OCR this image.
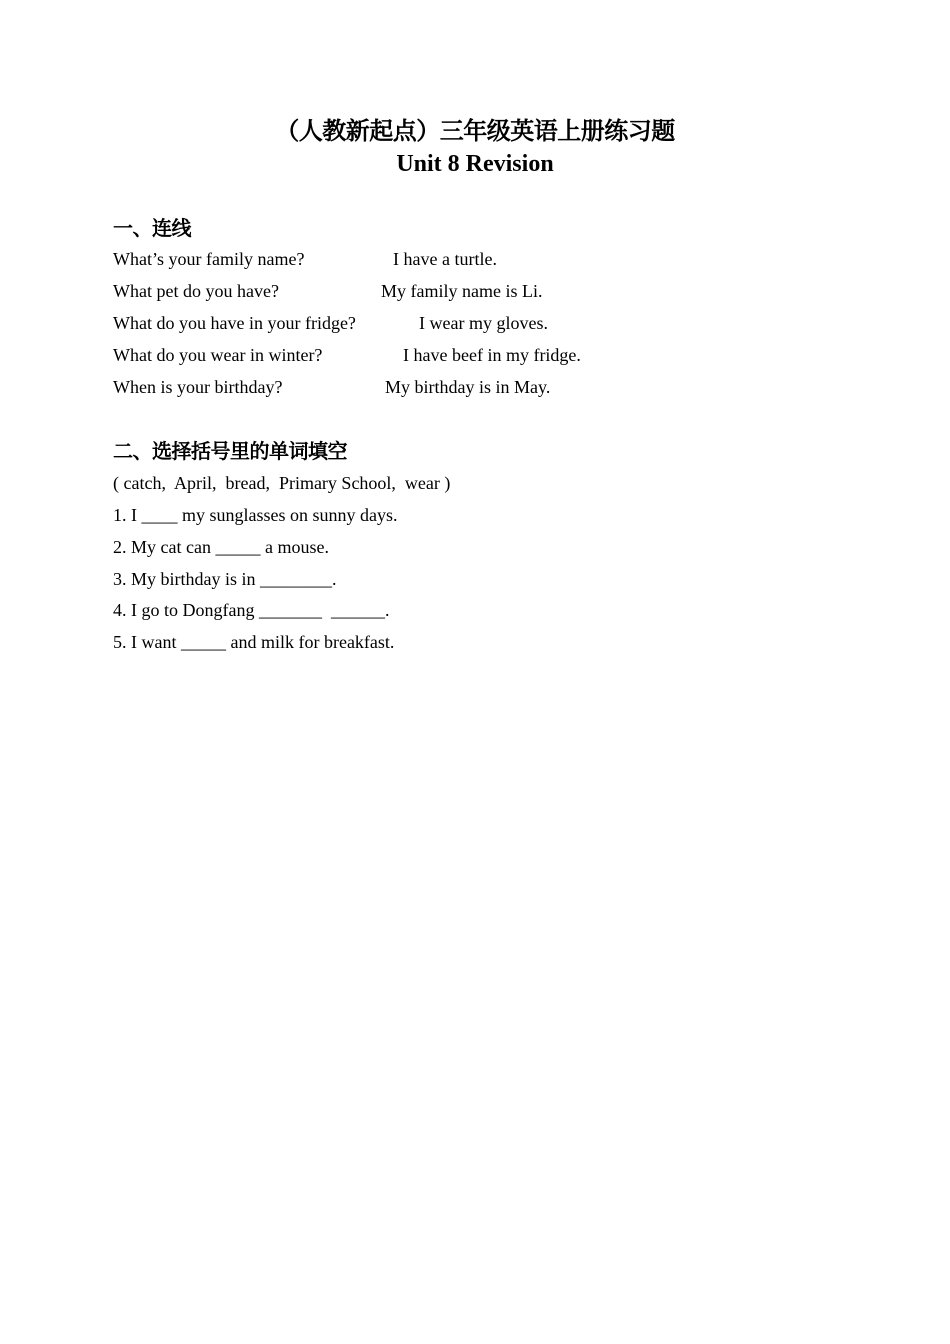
（人教新起点）三年级英语上册练习题
Unit 8 Revision
一、连线
What’s your family name?	I have a turtle.
What pet do you have?	My family name is Li.
What do you have in your fridge?	I wear my gloves.
What do you wear in winter?	I have beef in my fridge.
When is your birthday?	My birthday is in May.
二、选择括号里的单词填空
( catch,  April,  bread,  Primary School,  wear )
1. I ____ my sunglasses on sunny days.
2. My cat can _____ a mouse.
3. My birthday is in ________.
4. I go to Dongfang _______  ______.
5. I want _____ and milk for breakfast.
